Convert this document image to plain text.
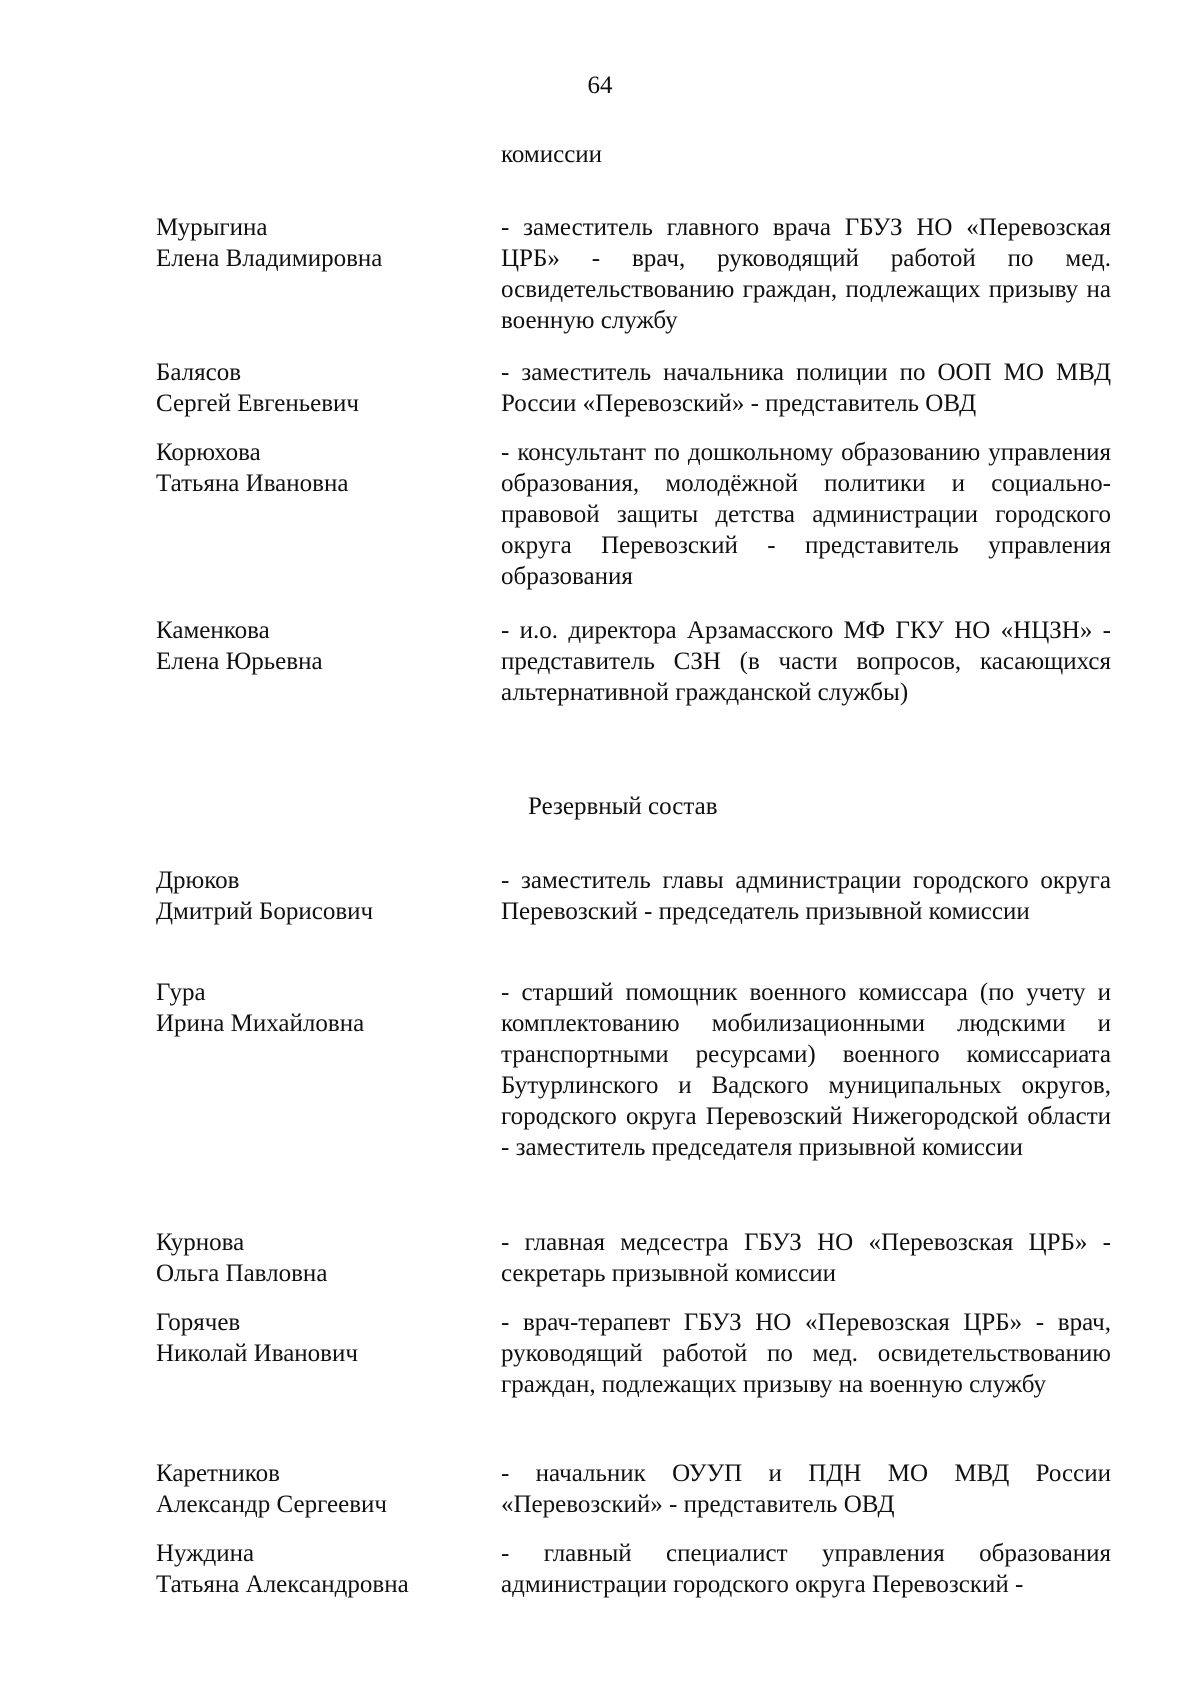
64
комиссии
Мурыгина
Елена Владимировна
- заместитель главного врача ГБУЗ НО «Перевозская ЦРБ» - врач, руководящий работой по мед. освидетельствованию граждан, подлежащих призыву на военную службу
Балясов
Сергей Евгеньевич
- заместитель начальника полиции по ООП МО МВД России «Перевозский» - представитель ОВД
Корюхова
Татьяна Ивановна
- консультант по дошкольному образованию управления образования, молодёжной политики и социально-правовой защиты детства администрации городского округа Перевозский - представитель управления образования
Каменкова
Елена Юрьевна
- и.о. директора Арзамасского МФ ГКУ НО «НЦЗН» - представитель СЗН (в части вопросов, касающихся альтернативной гражданской службы)
Резервный состав
Дрюков
Дмитрий Борисович
- заместитель главы администрации городского округа Перевозский - председатель призывной комиссии
Гура
Ирина Михайловна
- старший помощник военного комиссара (по учету и комплектованию мобилизационными людскими и транспортными ресурсами) военного комиссариата Бутурлинского и Вадского муниципальных округов, городского округа Перевозский Нижегородской области - заместитель председателя призывной комиссии
Курнова
Ольга Павловна
- главная медсестра ГБУЗ НО «Перевозская ЦРБ» - секретарь призывной комиссии
Горячев
Николай Иванович
- врач-терапевт ГБУЗ НО «Перевозская ЦРБ» - врач, руководящий работой по мед. освидетельствованию граждан, подлежащих призыву на военную службу
Каретников
Александр Сергеевич
- начальник ОУУП и ПДН МО МВД России «Перевозский» - представитель ОВД
Нуждина
Татьяна Александровна
- главный специалист управления образования администрации городского округа Перевозский -
